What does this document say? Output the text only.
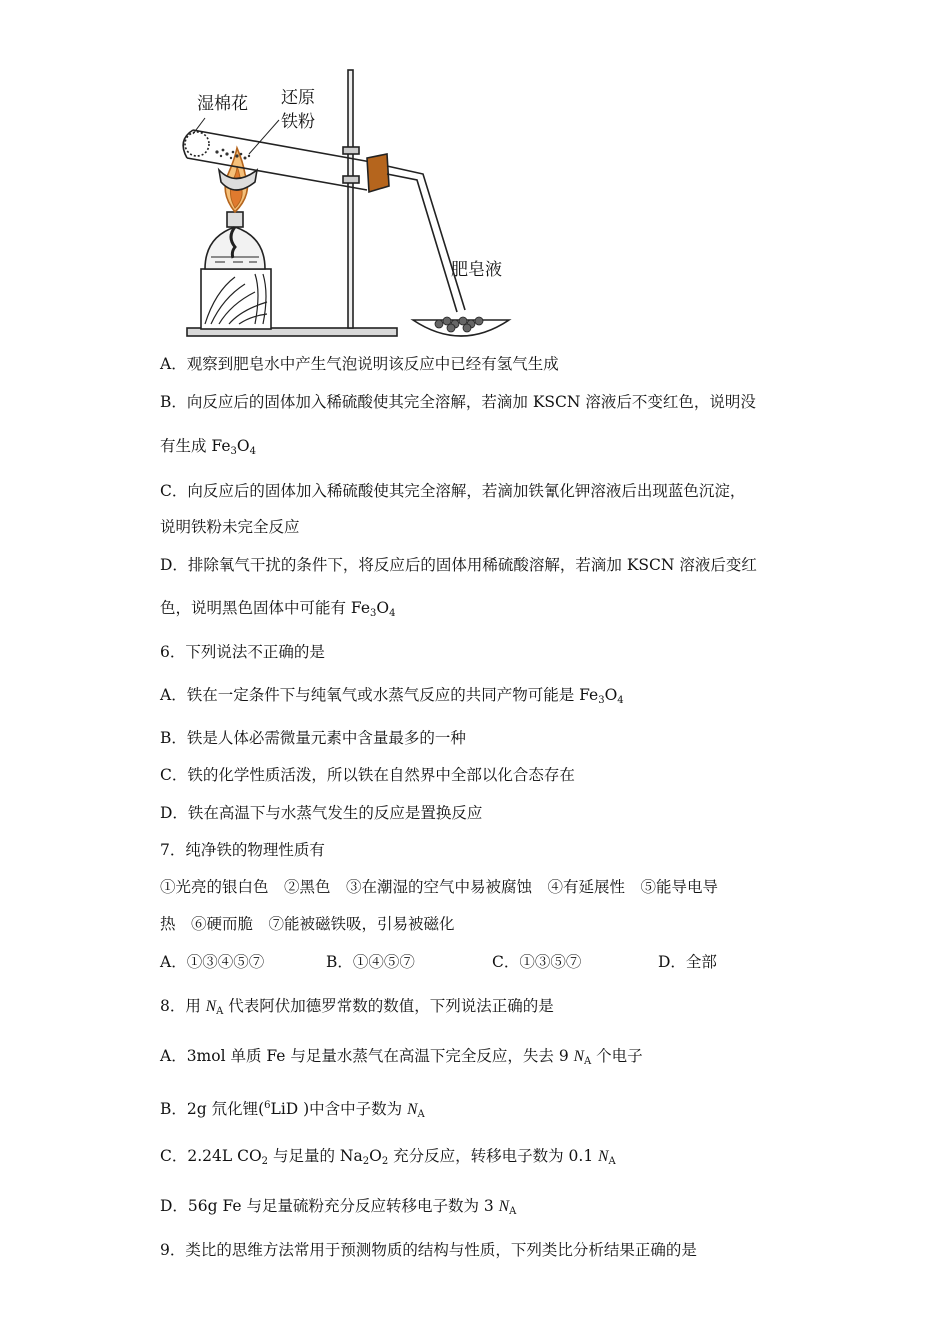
湿棉花 还原
铁粉
肥皂液
A．观察到肥皂水中产生气泡说明该反应中已经有氢气生成
B．向反应后的固体加入稀硫酸使其完全溶解，若滴加 KSCN 溶液后不变红色，说明没
有生成 $Fe_3O_4$
C．向反应后的固体加入稀硫酸使其完全溶解，若滴加铁氰化钾溶液后出现蓝色沉淀，
说明铁粉未完全反应
D．排除氧气干扰的条件下，将反应后的固体用稀硫酸溶解，若滴加 KSCN 溶液后变红
色，说明黑色固体中可能有 $Fe_3O_4$
6．下列说法不正确的是
A．铁在一定条件下与纯氧气或水蒸气反应的共同产物可能是 $Fe_3O_4$
B．铁是人体必需微量元素中含量最多的一种
C．铁的化学性质活泼，所以铁在自然界中全部以化合态存在
D．铁在高温下与水蒸气发生的反应是置换反应
7．纯净铁的物理性质有
①光亮的银白色　②黑色　③在潮湿的空气中易被腐蚀　④有延展性　⑤能导电导
热　⑥硬而脆　⑦能被磁铁吸，引易被磁化
A．①③④⑤⑦	B．①④⑤⑦	C．①③⑤⑦	D．全部
8．用 $N_A$ 代表阿伏加德罗常数的数值，下列说法正确的是
A．3mol 单质 Fe 与足量水蒸气在高温下完全反应，失去 9 $N_A$ 个电子
B．2g 氘化锂($^6$LiD )中含中子数为 $N_A$
C．2.24L $CO_2$ 与足量的 $Na_2O_2$ 充分反应，转移电子数为 0.1 $N_A$
D．56g Fe 与足量硫粉充分反应转移电子数为 3 $N_A$
9．类比的思维方法常用于预测物质的结构与性质，下列类比分析结果正确的是
